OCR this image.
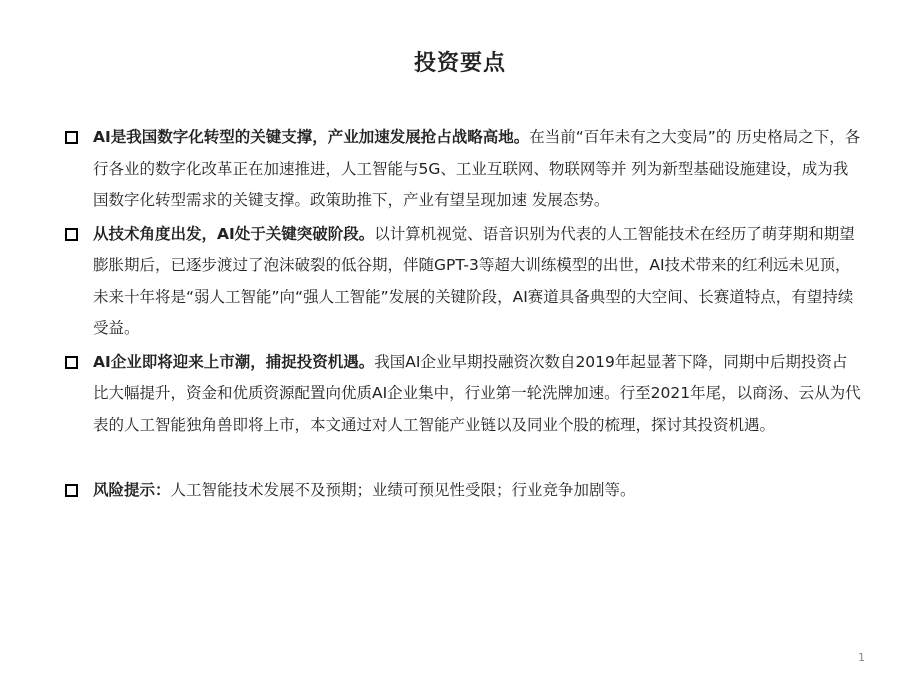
投资要点
AI是我国数字化转型的关键支撑，产业加速发展抢占战略高地。在当前“百年未有之大变局”的 历史格局之下，各行各业的数字化改革正在加速推进，人工智能与5G、工业互联网、物联网等并 列为新型基础设施建设，成为我国数字化转型需求的关键支撑。政策助推下，产业有望呈现加速 发展态势。
从技术角度出发，AI处于关键突破阶段。以计算机视觉、语音识别为代表的人工智能技术在经历了萌芽期和期望膨胀期后，已逐步渡过了泡沫破裂的低谷期，伴随GPT-3等超大训练模型的出世，AI技术带来的红利远未见顶，未来十年将是“弱人工智能”向“强人工智能”发展的关键阶段，AI赛道具备典型的大空间、长赛道特点，有望持续受益。
AI企业即将迎来上市潮，捕捉投资机遇。我国AI企业早期投融资次数自2019年起显著下降，同期中后期投资占比大幅提升，资金和优质资源配置向优质AI企业集中，行业第一轮洗牌加速。行至2021年尾，以商汤、云从为代表的人工智能独角兽即将上市，本文通过对人工智能产业链以及同业个股的梳理，探讨其投资机遇。
风险提示：人工智能技术发展不及预期；业绩可预见性受限；行业竞争加剧等。
1
